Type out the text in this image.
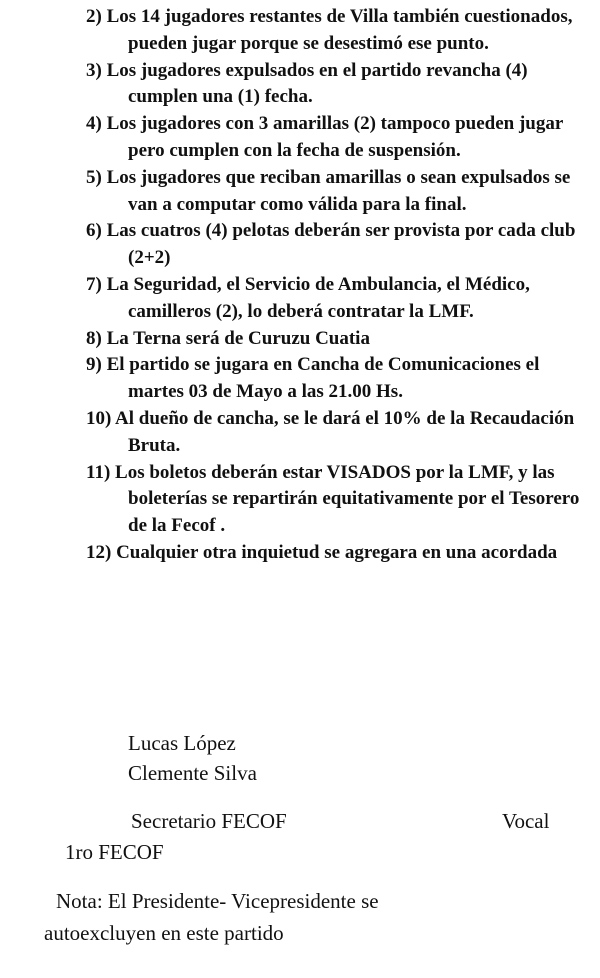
2) Los 14 jugadores restantes de Villa también cuestionados, pueden jugar porque se desestimó ese punto.
3) Los jugadores expulsados en el partido revancha (4) cumplen una (1) fecha.
4) Los jugadores con 3 amarillas (2) tampoco pueden jugar pero cumplen con la fecha de suspensión.
5) Los jugadores que reciban amarillas o sean expulsados se van a computar como válida para la final.
6) Las cuatros (4) pelotas deberán ser provista por cada club (2+2)
7) La Seguridad, el Servicio de Ambulancia, el Médico, camilleros (2), lo deberá contratar la LMF.
8) La Terna será de Curuzu Cuatia
9) El partido se jugara en Cancha de Comunicaciones el martes 03 de Mayo a las 21.00 Hs.
10) Al dueño de cancha, se le dará el 10% de la Recaudación Bruta.
11) Los boletos deberán estar VISADOS por la LMF, y las boleterías se repartirán equitativamente por el Tesorero de la Fecof .
12) Cualquier otra inquietud se agregara en una acordada
Lucas López
Clemente Silva
Secretario FECOF	Vocal
1ro FECOF
Nota: El Presidente- Vicepresidente se
autoexcluyen en este partido
